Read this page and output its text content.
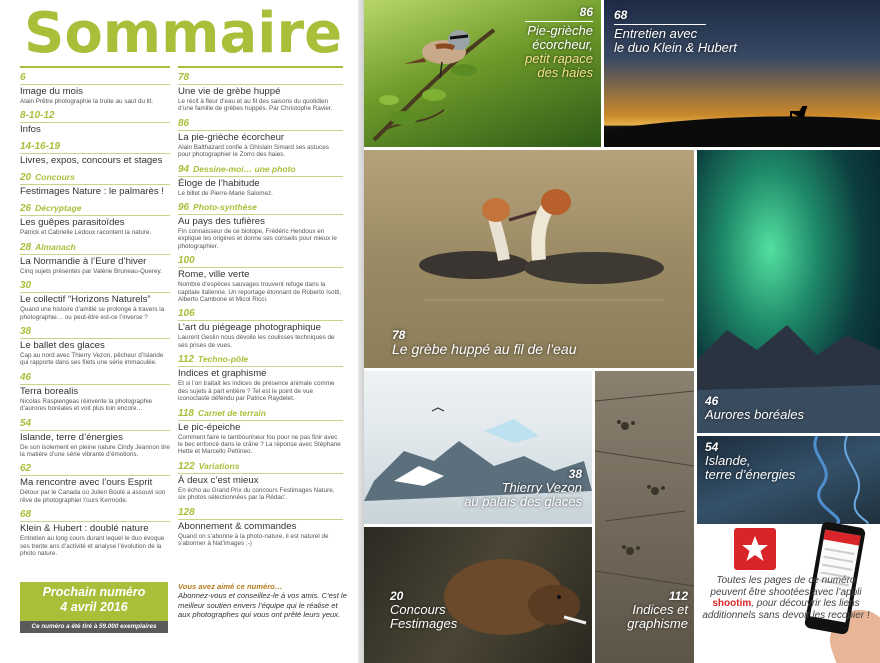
Sommaire
6
Image du mois
Alain Prêtre photographie la truite au saut du lit.
8-10-12
Infos
14-16-19
Livres, expos, concours et stages
20 Concours
Festimages Nature : le palmarès !
26 Décryptage
Les guêpes parasitoïdes
Patrick et Cabrielle Ledoux racontent la nature.
28 Almanach
La Normandie à l’Eure d’hiver
Cinq sujets présentés par Valérie Bruneau-Querey.
30
Le collectif “Horizons Naturels”
Quand une histoire d’amitié se prolonge à travers la photographie… ou peut-être est-ce l’inverse ?
38
Le ballet des glaces
Cap au nord avec Thierry Vezon, pêcheur d’Islande qui rapporte dans ses filets une série immaculée.
46
Terra borealis
Nicolas Raspiengeas réinvente la photographie d’aurores boréales et voit plus loin encore…
54
Islande, terre d’énergies
De son isolement en pleine nature Cindy Jeannon tire la matière d’une série vibrante d’émotions.
62
Ma rencontre avec l’ours Esprit
Détour par le Canada où Julien Boulé a assouvi son rêve de photographier l’ours Kermode.
68
Klein & Hubert : doublé nature
Entretien au long cours durant lequel le duo évoque ses trente ans d’activité et analyse l’évolution de la photo nature.
78
Une vie de grèbe huppé
Le récit à fleur d’eau et au fil des saisons du quotidien d’une famille de grèbes huppés. Par Christophe Ravier.
86
La pie-grièche écorcheur
Alain Balthazard confie à Ghislain Simard ses astuces pour photographier le Zorro des haies.
94 Dessine-moi… une photo
Éloge de l’habitude
Le billet de Pierre-Marie Salomez.
96 Photo-synthèse
Au pays des tufières
Fin connaisseur de ce biotope, Frédéric Hendoux en explique les origines et donne ses conseils pour mieux le photographier.
100
Rome, ville verte
Nombre d’espèces sauvages trouvent refuge dans la capitale italienne. Un reportage étonnant de Roberto Isotti, Alberto Cambone et Micol Ricci.
106
L’art du piégeage photographique
Laurent Geslin nous dévoile les coulisses techniques de ses prises de vues.
112 Techno-pôle
Indices et graphisme
Et si l’on traitait les indices de présence animale comme des sujets à part entière ? Tel est le point de vue iconoclaste défendu par Patrice Raydelet.
118 Carnet de terrain
Le pic-épeiche
Comment faire le tambourineur fou pour ne pas finir avec le bec enfoncé dans le crâne ? La réponse avec Stéphane Hette et Marcello Pettineo.
122 Variations
À deux c’est mieux
En écho au Grand Prix du concours Festimages Nature, six photos sélectionnées par la Rédac’.
128
Abonnement & commandes
Quand on s’abonne à la photo-nature, il est naturel de s’abonner à Nat’images ;-)
Prochain numéro
4 avril 2016
Ce numéro a été tiré à 59.000 exemplaires
Vous avez aimé ce numéro…
Abonnez-vous et conseillez-le à vos amis. C’est le meilleur soutien envers l’équipe qui le réalise et aux photographes qui vous ont prêté leurs yeux.
86
Pie-grièche
écorcheur,
petit rapace
des haies
68
Entretien avec
le duo Klein & Hubert
78
Le grèbe huppé au fil de l’eau
46
Aurores boréales
38
Thierry Vezon
au palais des glaces
112
Indices et
graphisme
20
Concours
Festimages
54
Islande,
terre d’énergies
Toutes les pages de ce numéro peuvent être shootées avec l’appli shootim, pour découvrir les liens additionnels sans devoir les recopier !
